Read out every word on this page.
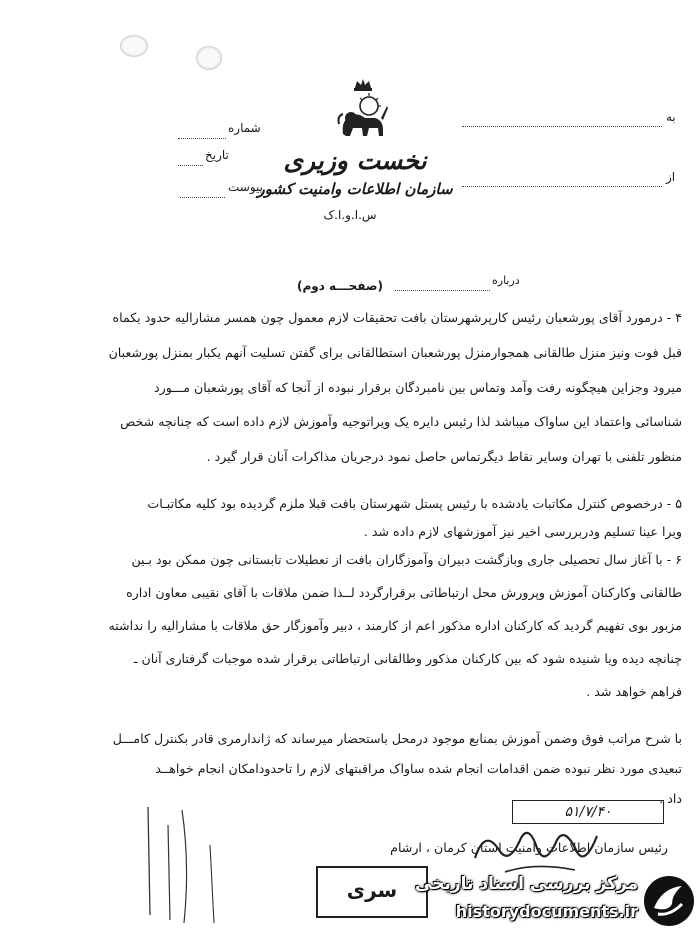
نخست وزیری
سازمان اطلاعات وامنیت کشور
س.ا.و.ا.ک
شماره
تاریخ
پیوست
به
از
درباره
(صفحـــه دوم)
۴ - درمورد آقای پورشعبان رئیس کارپرشهرستان بافت تحقیقات لازم معمول چون همسر مشارالیه حدود یکماه
قبل فوت ونیز منزل طالقانی همجوارمنزل پورشعبان استطالقانی برای گفتن تسلیت آنهم یکبار بمنزل پورشعبان
میرود وجزاین هیچگونه رفت وآمد وتماس بین نامبردگان برقرار نبوده از آنجا که آقای پورشعبان مـــورد
شناسائی واعتماد این ساواک میباشد لذا رئیس دایره یک ویراتوجیه وآموزش لازم داده است که چنانچه شخص
منظور تلفنی با تهران وسایر نقاط دیگرتماس حاصل نمود درجریان مذاکرات آنان قرار گیرد .
۵ - درخصوص کنترل مکاتبات یادشده با رئیس پستل شهرستان بافت قبلا ملزم گردیده بود کلیه مکاتبـات
ویرا عینا تسلیم ودربررسی اخیر نیز آموزشهای لازم داده شد .
۶ - با آغاز سال تحصیلی جاری وبازگشت دبیران وآموزگاران بافت از تعطیلات تابستانی چون ممکن بود بـین
طالقانی وکارکنان آموزش وپرورش محل ارتباطاتی برقرارگردد لــذا ضمن ملاقات با آقای نقیبی معاون اداره
مزبور بوی تفهیم گردید که کارکنان اداره مذکور اعم از کارمند ، دبیر وآموزگار حق ملاقات با مشارالیه را نداشته
چنانچه دیده ویا شنیده شود که بین کارکنان مذکور وطالقانی ارتباطاتی برقرار شده موجبات گرفتاری آنان ـ
فراهم خواهد شد .
با شرح مراتب فوق وضمن آموزش بمنابع موجود درمحل باستحضار میرساند که ژاندارمری قادر بکنترل کامـــل
تبعیدی مورد نظر نبوده ضمن اقدامات انجام شده ساواک مراقبتهای لازم را تاحدودامکان انجام خواهــد
داد .
۵۱/۷/۴۰
رئیس سازمان اطلاعات وامنیت استان کرمان ، ارشام
سری	مرکز بررسی اسناد تاریخی
historydocuments.ir
